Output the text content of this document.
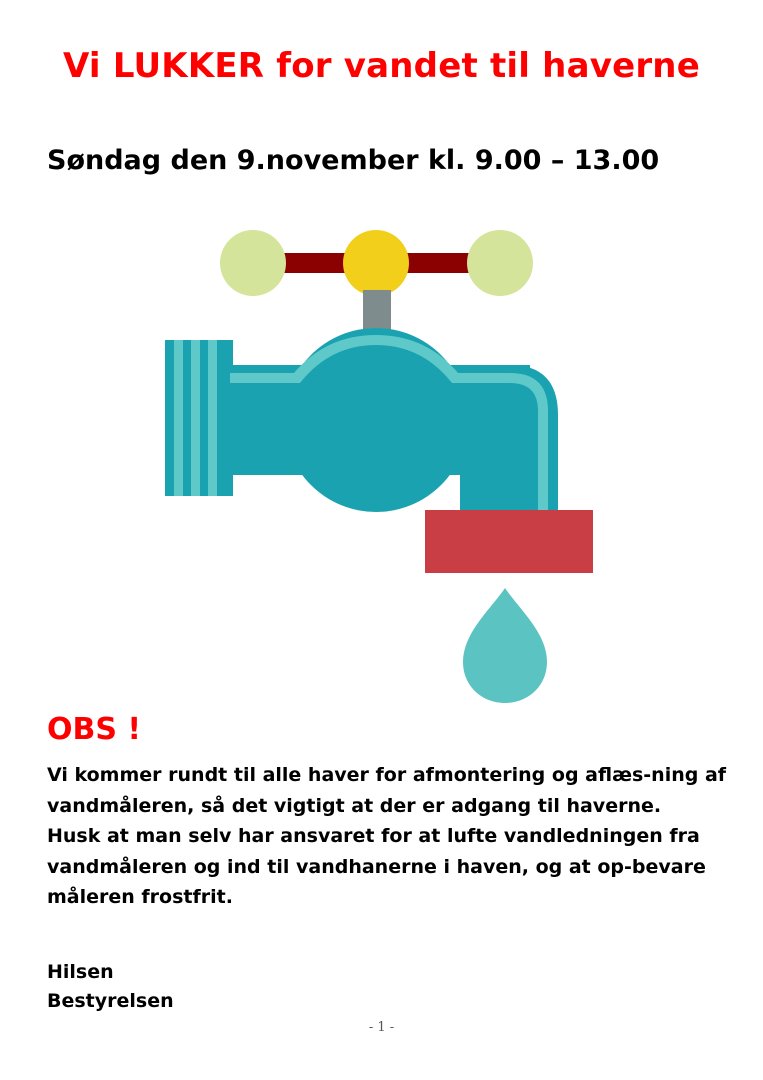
Vi LUKKER for vandet til haverne
Søndag den 9.november kl. 9.00 – 13.00
OBS !

Vi kommer rundt til alle haver for afmontering og aflæs-ning af vandmåleren, så det vigtigt at der er adgang til haverne.

Husk at man selv har ansvaret for at lufte vandledningen fra vandmåleren og ind til vandhanerne i haven, og at op-bevare måleren frostfrit.

Hilsen

Bestyrelsen

- 1 -
